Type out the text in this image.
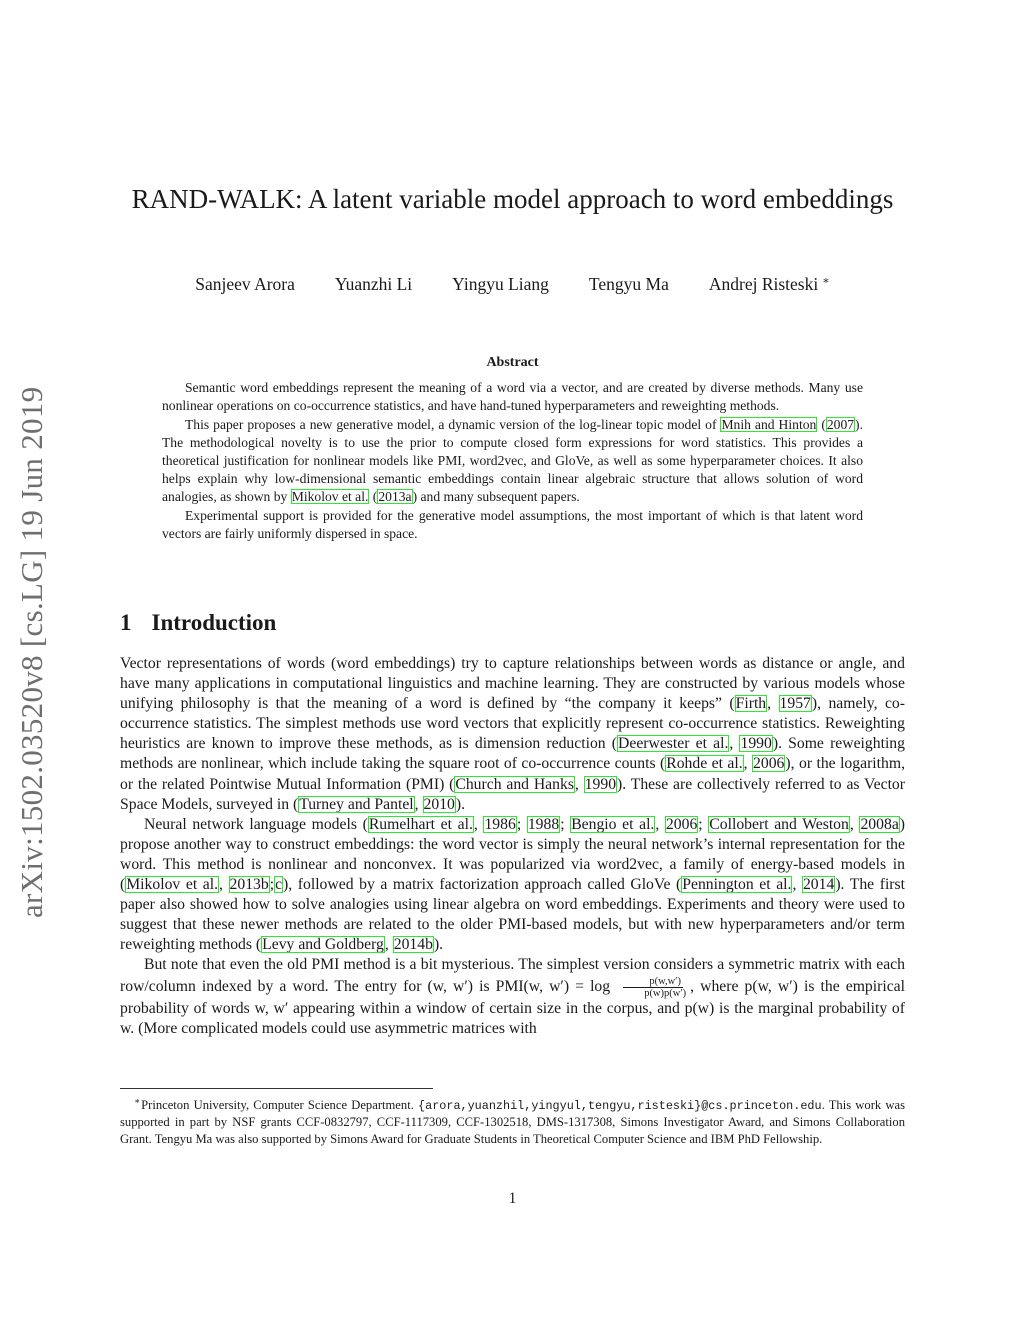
arXiv:1502.03520v8 [cs.LG] 19 Jun 2019
RAND-WALK: A latent variable model approach to word embeddings
Sanjeev Arora Yuanzhi Li Yingyu Liang Tengyu Ma Andrej Risteski ∗
Abstract

Semantic word embeddings represent the meaning of a word via a vector, and are created by diverse methods. Many use nonlinear operations on co-occurrence statistics, and have hand-tuned hyperparameters and reweighting methods.

This paper proposes a new generative model, a dynamic version of the log-linear topic model of Mnih and Hinton (2007). The methodological novelty is to use the prior to compute closed form expressions for word statistics. This provides a theoretical justification for nonlinear models like PMI, word2vec, and GloVe, as well as some hyperparameter choices. It also helps explain why low-dimensional semantic embeddings contain linear algebraic structure that allows solution of word analogies, as shown by Mikolov et al. (2013a) and many subsequent papers.

Experimental support is provided for the generative model assumptions, the most important of which is that latent word vectors are fairly uniformly dispersed in space.

1 Introduction

Vector representations of words (word embeddings) try to capture relationships between words as distance or angle, and have many applications in computational linguistics and machine learning. They are constructed by various models whose unifying philosophy is that the meaning of a word is defined by “the company it keeps” (Firth, 1957), namely, co-occurrence statistics. The simplest methods use word vectors that explicitly represent co-occurrence statistics. Reweighting heuristics are known to improve these methods, as is dimension reduction (Deerwester et al., 1990). Some reweighting methods are nonlinear, which include taking the square root of co-occurrence counts (Rohde et al., 2006), or the logarithm, or the related Pointwise Mutual Information (PMI) (Church and Hanks, 1990). These are collectively referred to as Vector Space Models, surveyed in (Turney and Pantel, 2010).

Neural network language models (Rumelhart et al., 1986; 1988; Bengio et al., 2006; Collobert and Weston, 2008a) propose another way to construct embeddings: the word vector is simply the neural network’s internal representation for the word. This method is nonlinear and nonconvex. It was popularized via word2vec, a family of energy-based models in (Mikolov et al., 2013b;c), followed by a matrix factorization approach called GloVe (Pennington et al., 2014). The first paper also showed how to solve analogies using linear algebra on word embeddings. Experiments and theory were used to suggest that these newer methods are related to the older PMI-based models, but with new hyperparameters and/or term reweighting methods (Levy and Goldberg, 2014b).

But note that even the old PMI method is a bit mysterious. The simplest version considers a symmetric matrix with each row/column indexed by a word. The entry for (w, w′) is PMI(w, $w') = \log \frac{p(w,w')}{p(w)p(w')}$ , where p(w, w′) is the empirical probability of words w, w′ appearing within a window of certain size in the corpus, and p(w) is the marginal probability of w. (More complicated models could use asymmetric matrices with

∗Princeton University, Computer Science Department. {arora,yuanzhil,yingyul,tengyu,risteski}@cs.princeton.edu. This work was supported in part by NSF grants CCF-0832797, CCF-1117309, CCF-1302518, DMS-1317308, Simons Investigator Award, and Simons Collaboration Grant. Tengyu Ma was also supported by Simons Award for Graduate Students in Theoretical Computer Science and IBM PhD Fellowship.
1
